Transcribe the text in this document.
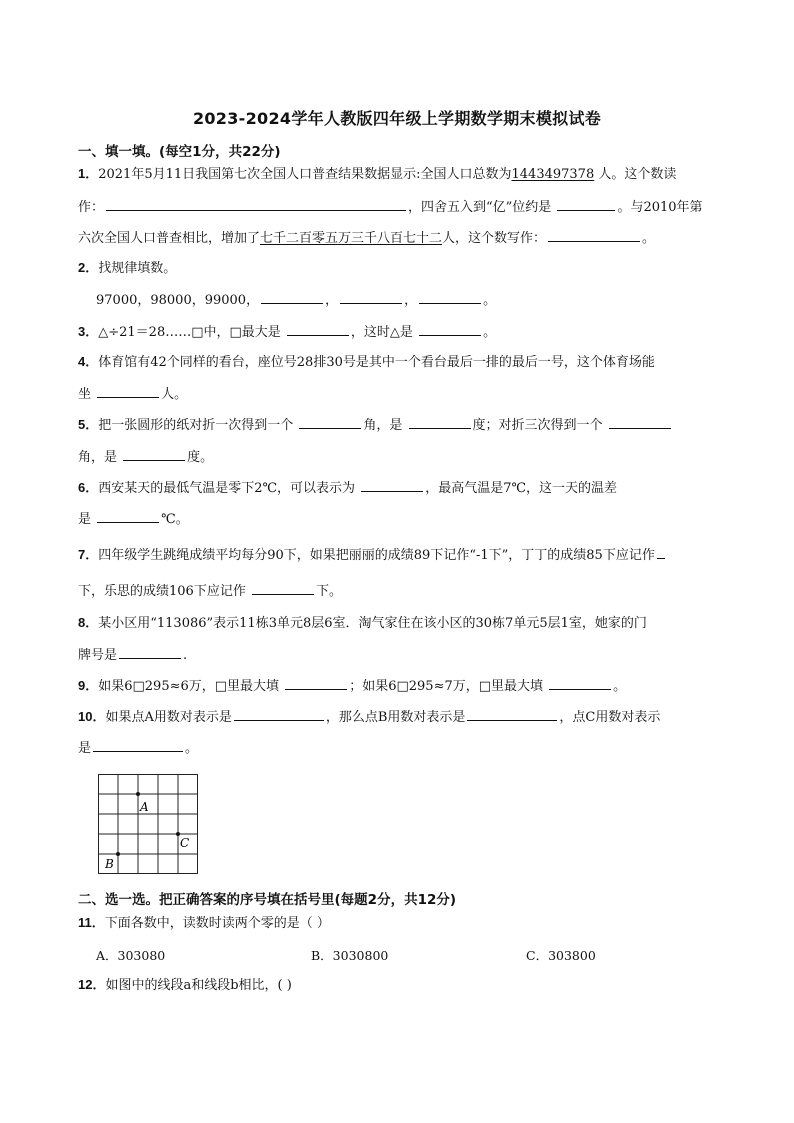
2023-2024学年人教版四年级上学期数学期末模拟试卷
一、填一填。(每空1分，共22分)
1．2021年5月11日我国第七次全国人口普查结果数据显示:全国人口总数为1443497378 人。这个数读
作：	，四舍五入到“亿”位约是	。与2010年第
六次全国人口普查相比，增加了七千二百零五万三千八百七十二人，这个数写作：	。
2．找规律填数。
97000，98000，99000，	，	，	。
3．△÷21＝28……□中，□最大是	，这时△是	。
4．体育馆有42个同样的看台，座位号28排30号是其中一个看台最后一排的最后一号，这个体育场能
坐	人。
5．把一张圆形的纸对折一次得到一个	角，是	度；对折三次得到一个
角，是	度。
6．西安某天的最低气温是零下2℃，可以表示为	，最高气温是7℃，这一天的温差
是	℃。
7．四年级学生跳绳成绩平均每分90下，如果把丽丽的成绩89下记作“-1下”，丁丁的成绩85下应记作
下，乐思的成绩106下应记作	下。
8．某小区用“113086”表示11栋3单元8层6室．淘气家住在该小区的30栋7单元5层1室，她家的门
牌号是	.
9．如果6□295≈6万，□里最大填	；如果6□295≈7万，□里最大填	。
10．如果点A用数对表示是	，那么点B用数对表示是	，点C用数对表示
是	。
A
C
B
二、选一选。把正确答案的序号填在括号里(每题2分，共12分)
11．下面各数中，读数时读两个零的是（ ）
A．303080	B．3030800	C．303800
12．如图中的线段a和线段b相比，( )
